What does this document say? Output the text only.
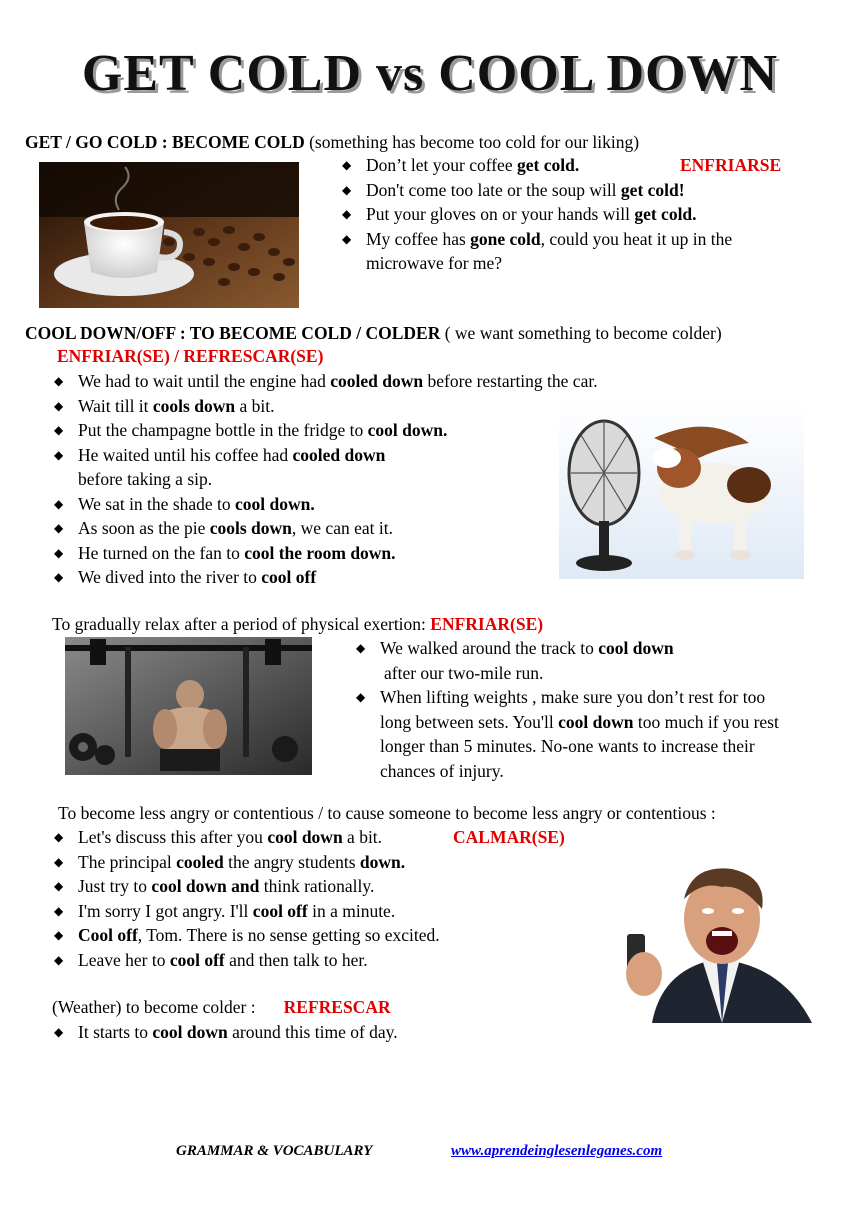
GET COLD vs COOL DOWN
GET / GO COLD : BECOME COLD (something has become too cold for our liking)
◆ Don’t let your coffee get cold.
◆ Don't come too late or the soup will get cold!
◆ Put your gloves on or your hands will get cold.
◆ My coffee has gone cold, could you heat it up in the
microwave for me?
ENFRIARSE
COOL DOWN/OFF : TO BECOME COLD / COLDER ( we want something to become colder)
ENFRIAR(SE) / REFRESCAR(SE)
◆ We had to wait until the engine had cooled down before restarting the car.
◆ Wait till it cools down a bit.
◆ Put the champagne bottle in the fridge to cool down.
◆ He waited until his coffee had cooled down
before taking a sip.
◆ We sat in the shade to cool down.
◆ As soon as the pie cools down, we can eat it.
◆ He turned on the fan to cool the room down.
◆ We dived into the river to cool off
To gradually relax after a period of physical exertion: ENFRIAR(SE)
◆ We walked around the track to cool down
after our two-mile run.
◆ When lifting weights , make sure you don’t rest for too
long between sets. You'll cool down too much if you rest
longer than 5 minutes. No-one wants to increase their
chances of injury.
To become less angry or contentious / to cause someone to become less angry or contentious :
◆ Let's discuss this after you cool down a bit.
◆ The principal cooled the angry students down.
◆ Just try to cool down and think rationally.
◆ I'm sorry I got angry. I'll cool off in a minute.
◆ Cool off, Tom. There is no sense getting so excited.
◆ Leave her to cool off and then talk to her.
CALMAR(SE)
(Weather) to become colder : REFRESCAR
◆ It starts to cool down around this time of day.
GRAMMAR & VOCABULARY	www.aprendeinglesenleganes.com
